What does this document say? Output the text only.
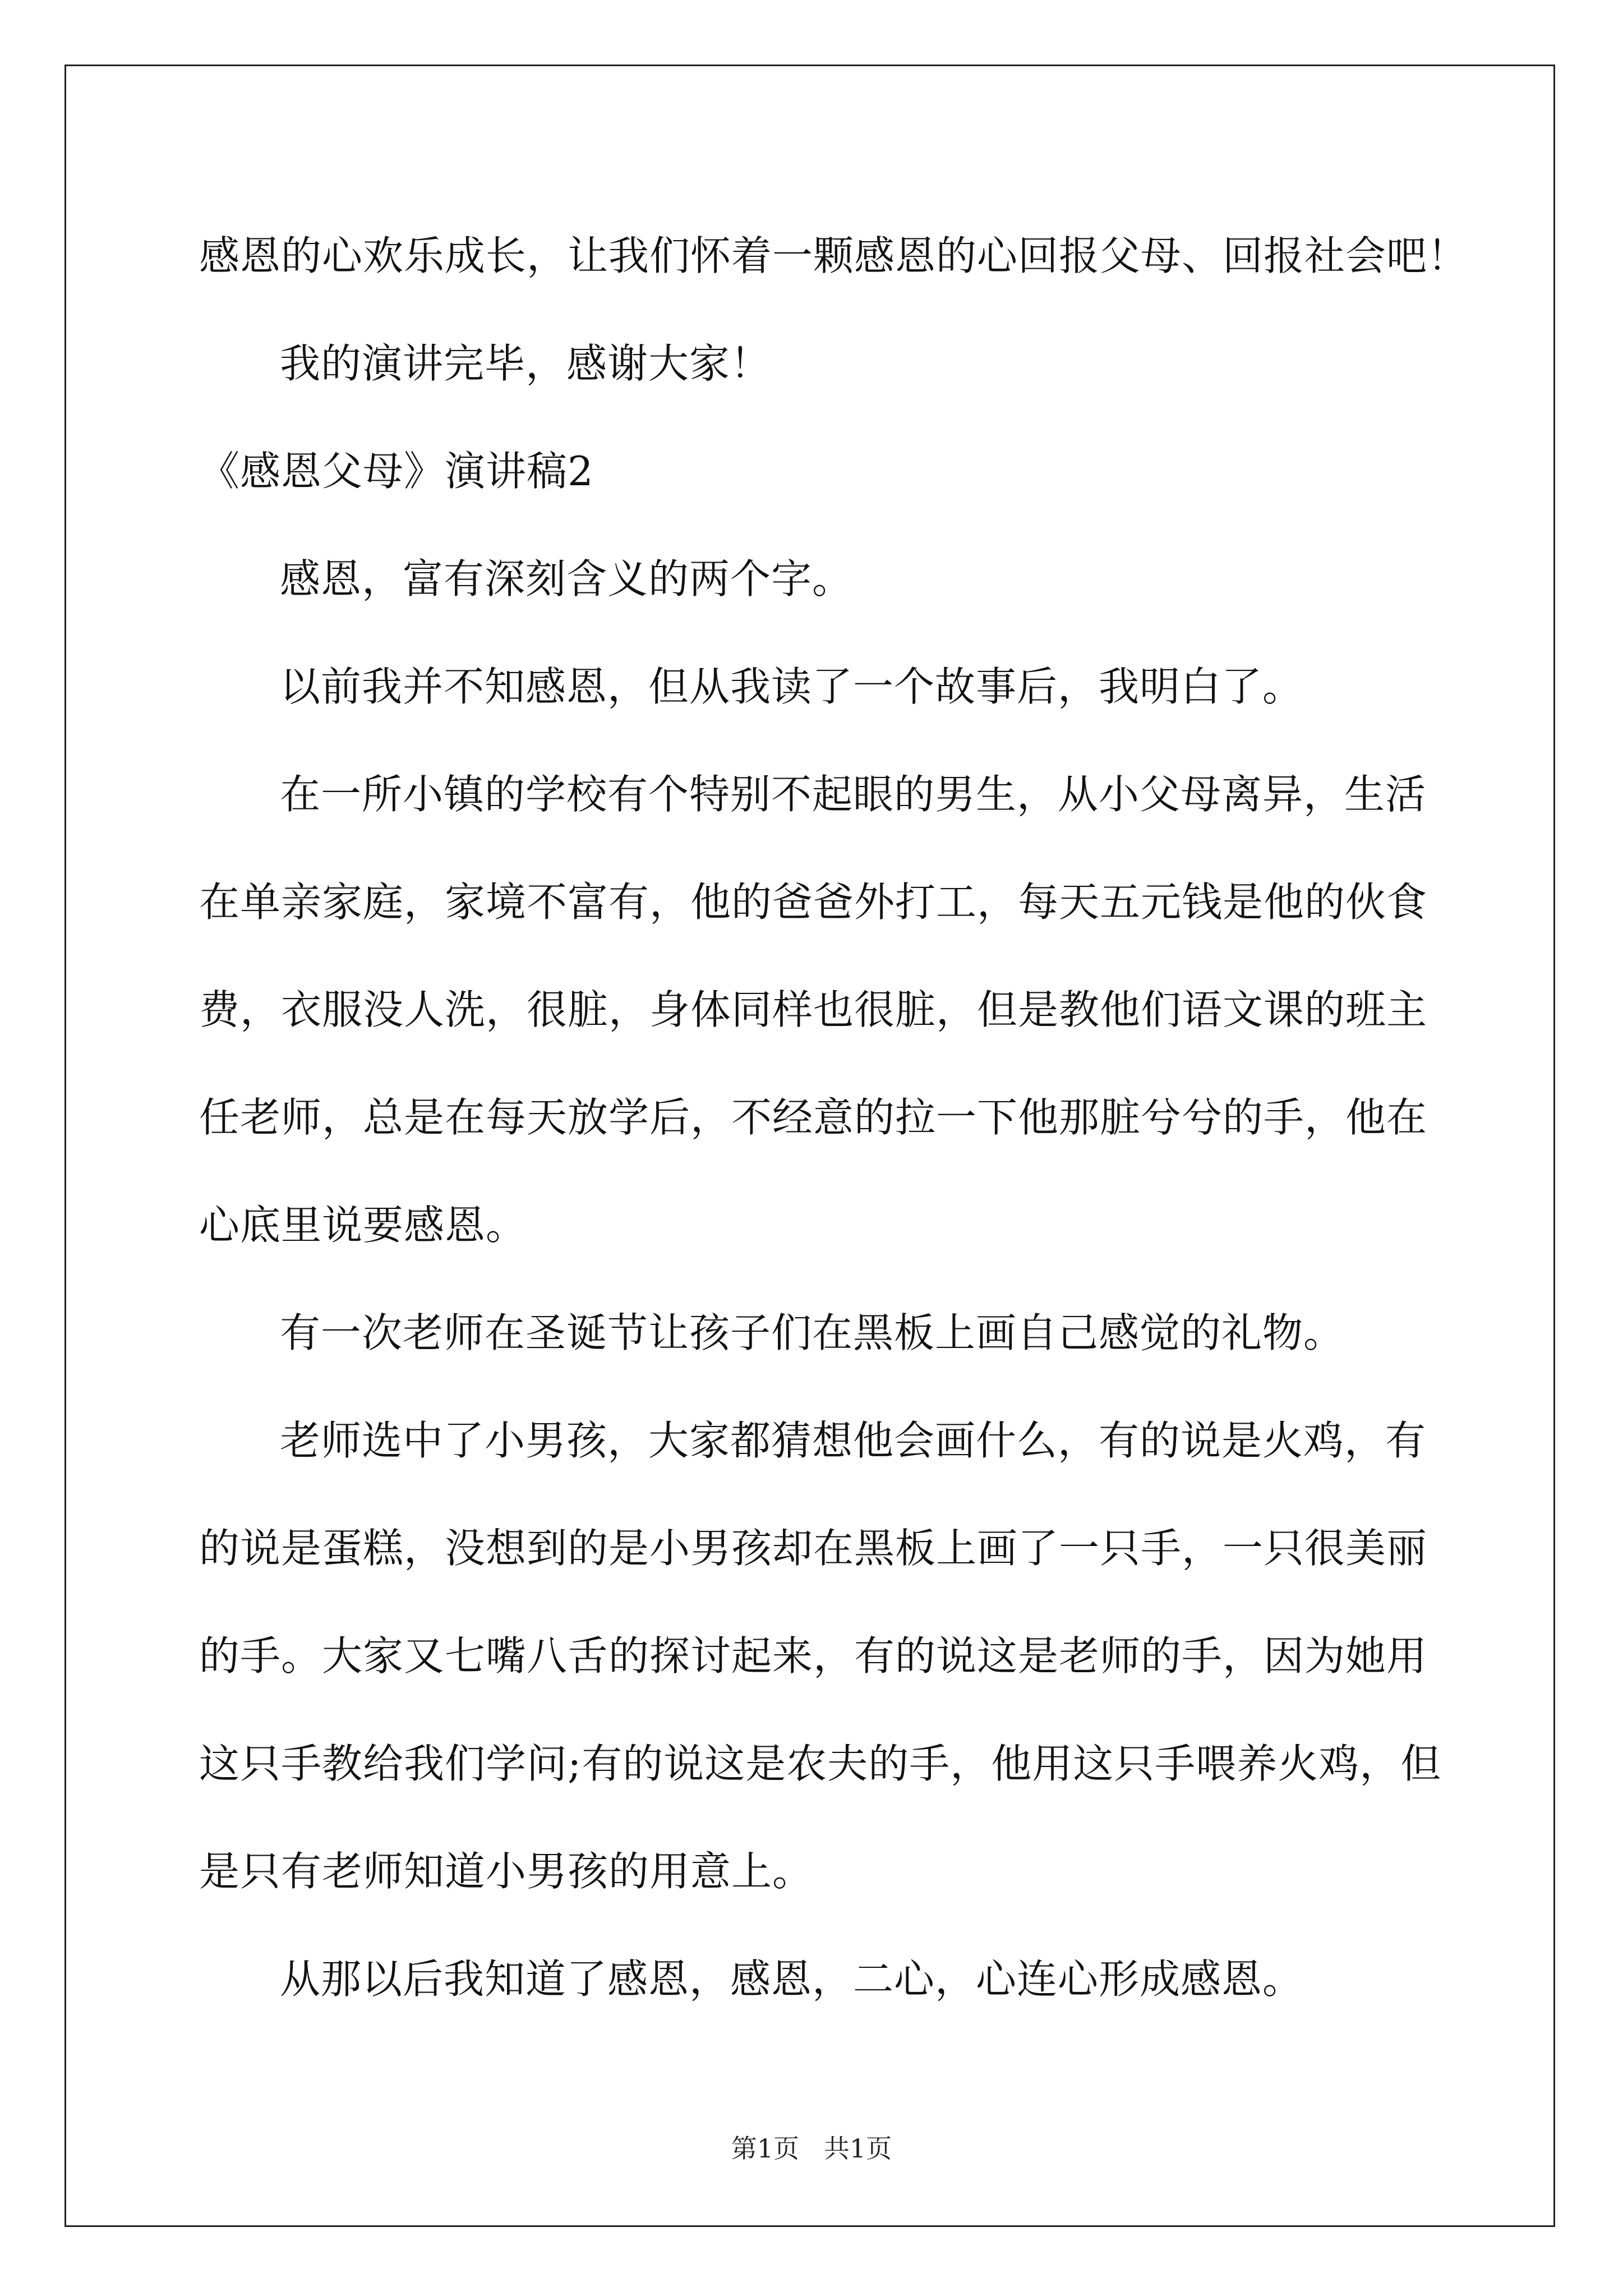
感恩的心欢乐成长，让我们怀着一颗感恩的心回报父母、回报社会吧！
我的演讲完毕，感谢大家！
《感恩父母》演讲稿2
感恩，富有深刻含义的两个字。
以前我并不知感恩，但从我读了一个故事后，我明白了。
在一所小镇的学校有个特别不起眼的男生，从小父母离异，生活
在单亲家庭，家境不富有，他的爸爸外打工，每天五元钱是他的伙食
费，衣服没人洗，很脏，身体同样也很脏，但是教他们语文课的班主
任老师，总是在每天放学后，不经意的拉一下他那脏兮兮的手，他在
心底里说要感恩。
有一次老师在圣诞节让孩子们在黑板上画自己感觉的礼物。
老师选中了小男孩，大家都猜想他会画什么，有的说是火鸡，有
的说是蛋糕，没想到的是小男孩却在黑板上画了一只手，一只很美丽
的手。大家又七嘴八舌的探讨起来，有的说这是老师的手，因为她用
这只手教给我们学问;有的说这是农夫的手，他用这只手喂养火鸡，但
是只有老师知道小男孩的用意上。
从那以后我知道了感恩，感恩，二心，心连心形成感恩。
第1页   共1页
